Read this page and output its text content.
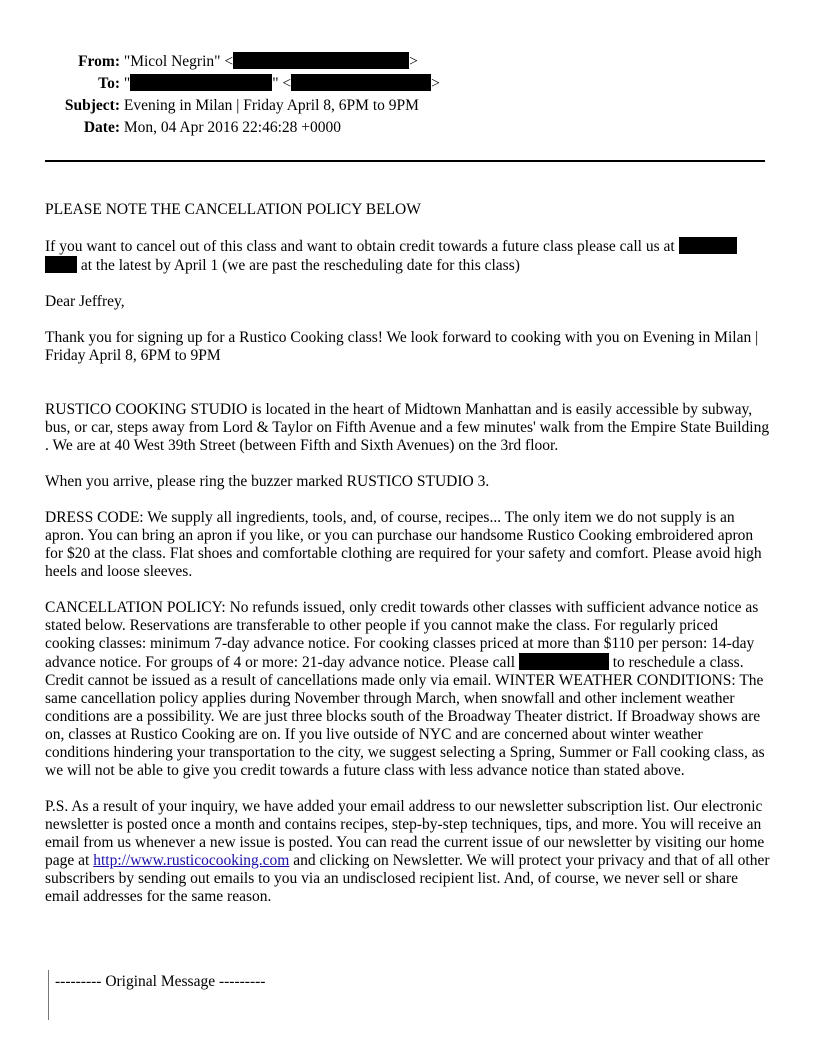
From: "Micol Negrin" <	>
To: "	" <	>
Subject: Evening in Milan | Friday April 8, 6PM to 9PM
Date: Mon, 04 Apr 2016 22:46:28 +0000

PLEASE NOTE THE CANCELLATION POLICY BELOW

If you want to cancel out of this class and want to obtain credit towards a future class please call us at   at the latest by April 1 (we are past the rescheduling date for this class)

Dear Jeffrey,

Thank you for signing up for a Rustico Cooking class! We look forward to cooking with you on Evening in Milan | Friday April 8, 6PM to 9PM

RUSTICO COOKING STUDIO is located in the heart of Midtown Manhattan and is easily accessible by subway, bus, or car, steps away from Lord & Taylor on Fifth Avenue and a few minutes' walk from the Empire State Building . We are at 40 West 39th Street (between Fifth and Sixth Avenues) on the 3rd floor.

When you arrive, please ring the buzzer marked RUSTICO STUDIO 3.

DRESS CODE: We supply all ingredients, tools, and, of course, recipes... The only item we do not supply is an apron. You can bring an apron if you like, or you can purchase our handsome Rustico Cooking embroidered apron for $20 at the class. Flat shoes and comfortable clothing are required for your safety and comfort. Please avoid high heels and loose sleeves.

CANCELLATION POLICY: No refunds issued, only credit towards other classes with sufficient advance notice as stated below. Reservations are transferable to other people if you cannot make the class. For regularly priced cooking classes: minimum 7-day advance notice. For cooking classes priced at more than $110 per person: 14-day advance notice. For groups of 4 or more: 21-day advance notice. Please call	to reschedule a class. Credit cannot be issued as a result of cancellations made only via email. WINTER WEATHER CONDITIONS: The same cancellation policy applies during November through March, when snowfall and other inclement weather conditions are a possibility. We are just three blocks south of the Broadway Theater district. If Broadway shows are on, classes at Rustico Cooking are on. If you live outside of NYC and are concerned about winter weather conditions hindering your transportation to the city, we suggest selecting a Spring, Summer or Fall cooking class, as we will not be able to give you credit towards a future class with less advance notice than stated above.

P.S. As a result of your inquiry, we have added your email address to our newsletter subscription list. Our electronic newsletter is posted once a month and contains recipes, step-by-step techniques, tips, and more. You will receive an email from us whenever a new issue is posted. You can read the current issue of our newsletter by visiting our home page at http://www.rusticocooking.com and clicking on Newsletter. We will protect your privacy and that of all other subscribers by sending out emails to you via an undisclosed recipient list. And, of course, we never sell or share email addresses for the same reason.

--------- Original Message ---------
